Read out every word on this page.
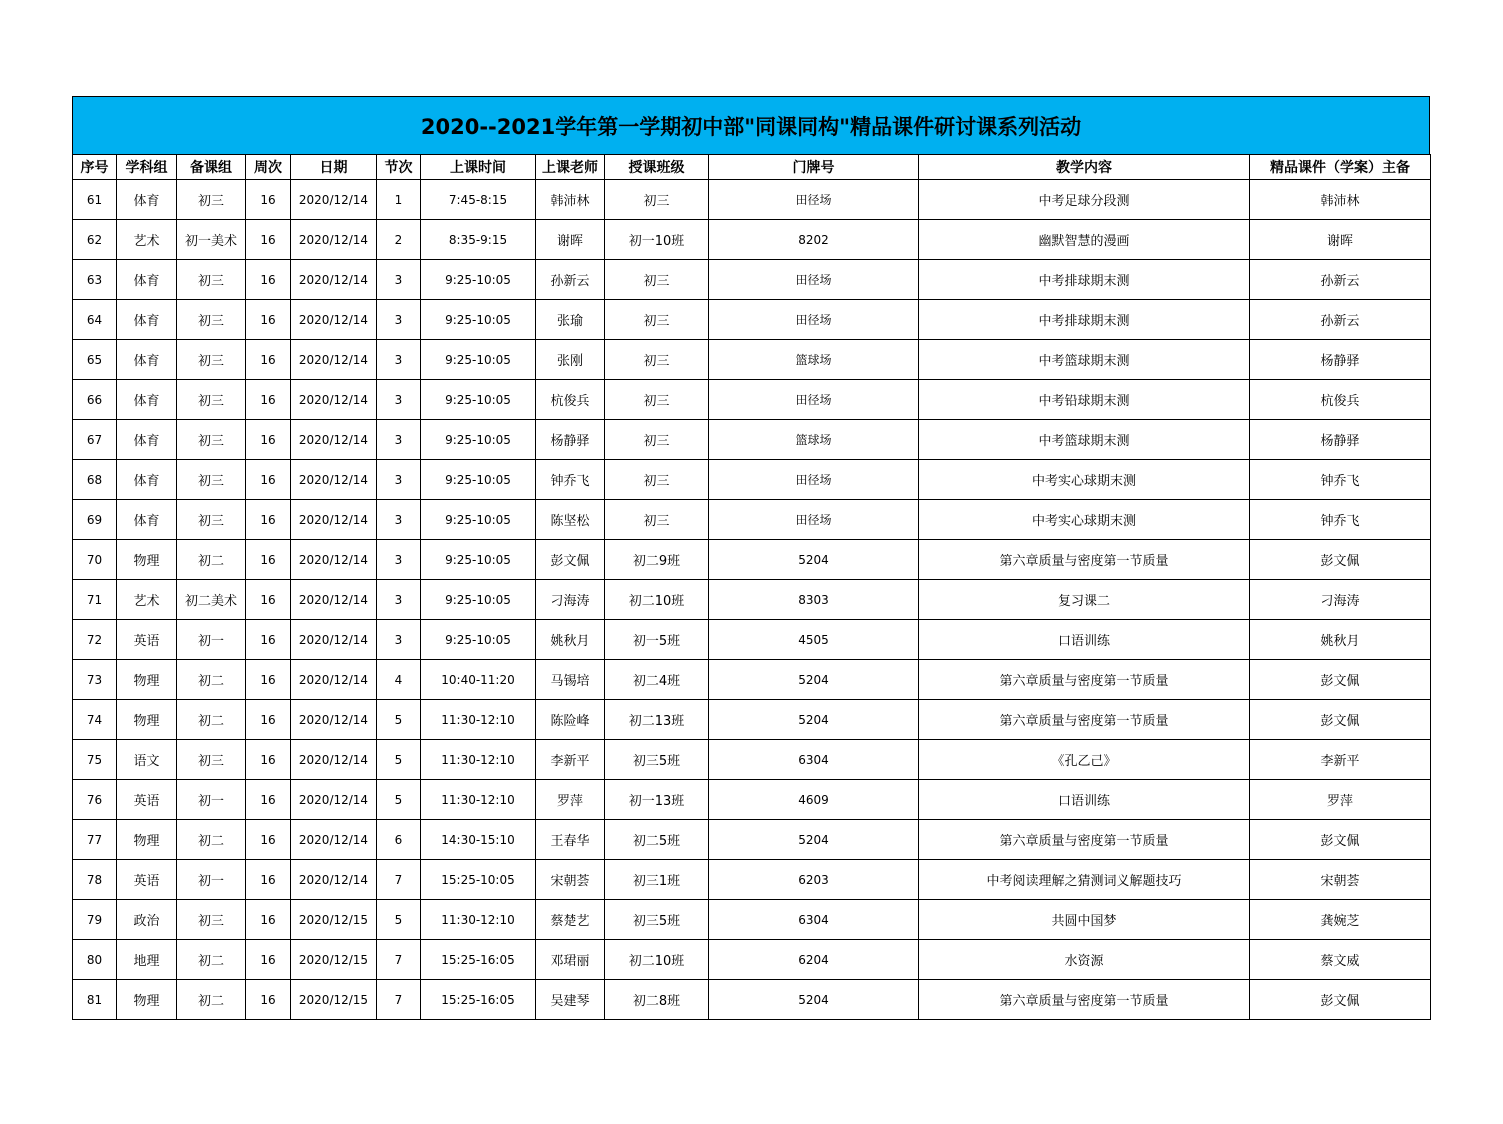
2020--2021学年第一学期初中部"同课同构"精品课件研讨课系列活动
序号	学科组	备课组	周次	日期	节次	上课时间	上课老师	授课班级	门牌号	教学内容	精品课件（学案）主备
61	体育	初三	16	2020/12/14	1	7:45-8:15	韩沛林	初三	田径场	中考足球分段测	韩沛林
62	艺术	初一美术	16	2020/12/14	2	8:35-9:15	谢晖	初一10班	8202	幽默智慧的漫画	谢晖
63	体育	初三	16	2020/12/14	3	9:25-10:05	孙新云	初三	田径场	中考排球期末测	孙新云
64	体育	初三	16	2020/12/14	3	9:25-10:05	张瑜	初三	田径场	中考排球期末测	孙新云
65	体育	初三	16	2020/12/14	3	9:25-10:05	张刚	初三	篮球场	中考篮球期末测	杨静驿
66	体育	初三	16	2020/12/14	3	9:25-10:05	杭俊兵	初三	田径场	中考铅球期末测	杭俊兵
67	体育	初三	16	2020/12/14	3	9:25-10:05	杨静驿	初三	篮球场	中考篮球期末测	杨静驿
68	体育	初三	16	2020/12/14	3	9:25-10:05	钟乔飞	初三	田径场	中考实心球期末测	钟乔飞
69	体育	初三	16	2020/12/14	3	9:25-10:05	陈坚松	初三	田径场	中考实心球期末测	钟乔飞
70	物理	初二	16	2020/12/14	3	9:25-10:05	彭文佩	初二9班	5204	第六章质量与密度第一节质量	彭文佩
71	艺术	初二美术	16	2020/12/14	3	9:25-10:05	刁海涛	初二10班	8303	复习课二	刁海涛
72	英语	初一	16	2020/12/14	3	9:25-10:05	姚秋月	初一5班	4505	口语训练	姚秋月
73	物理	初二	16	2020/12/14	4	10:40-11:20	马锡培	初二4班	5204	第六章质量与密度第一节质量	彭文佩
74	物理	初二	16	2020/12/14	5	11:30-12:10	陈险峰	初二13班	5204	第六章质量与密度第一节质量	彭文佩
75	语文	初三	16	2020/12/14	5	11:30-12:10	李新平	初三5班	6304	《孔乙己》	李新平
76	英语	初一	16	2020/12/14	5	11:30-12:10	罗萍	初一13班	4609	口语训练	罗萍
77	物理	初二	16	2020/12/14	6	14:30-15:10	王春华	初二5班	5204	第六章质量与密度第一节质量	彭文佩
78	英语	初一	16	2020/12/14	7	15:25-10:05	宋朝荟	初三1班	6203	中考阅读理解之猜测词义解题技巧	宋朝荟
79	政治	初三	16	2020/12/15	5	11:30-12:10	蔡楚艺	初三5班	6304	共圆中国梦	龚婉芝
80	地理	初二	16	2020/12/15	7	15:25-16:05	邓珺丽	初二10班	6204	水资源	蔡文威
81	物理	初二	16	2020/12/15	7	15:25-16:05	吴建琴	初二8班	5204	第六章质量与密度第一节质量	彭文佩
